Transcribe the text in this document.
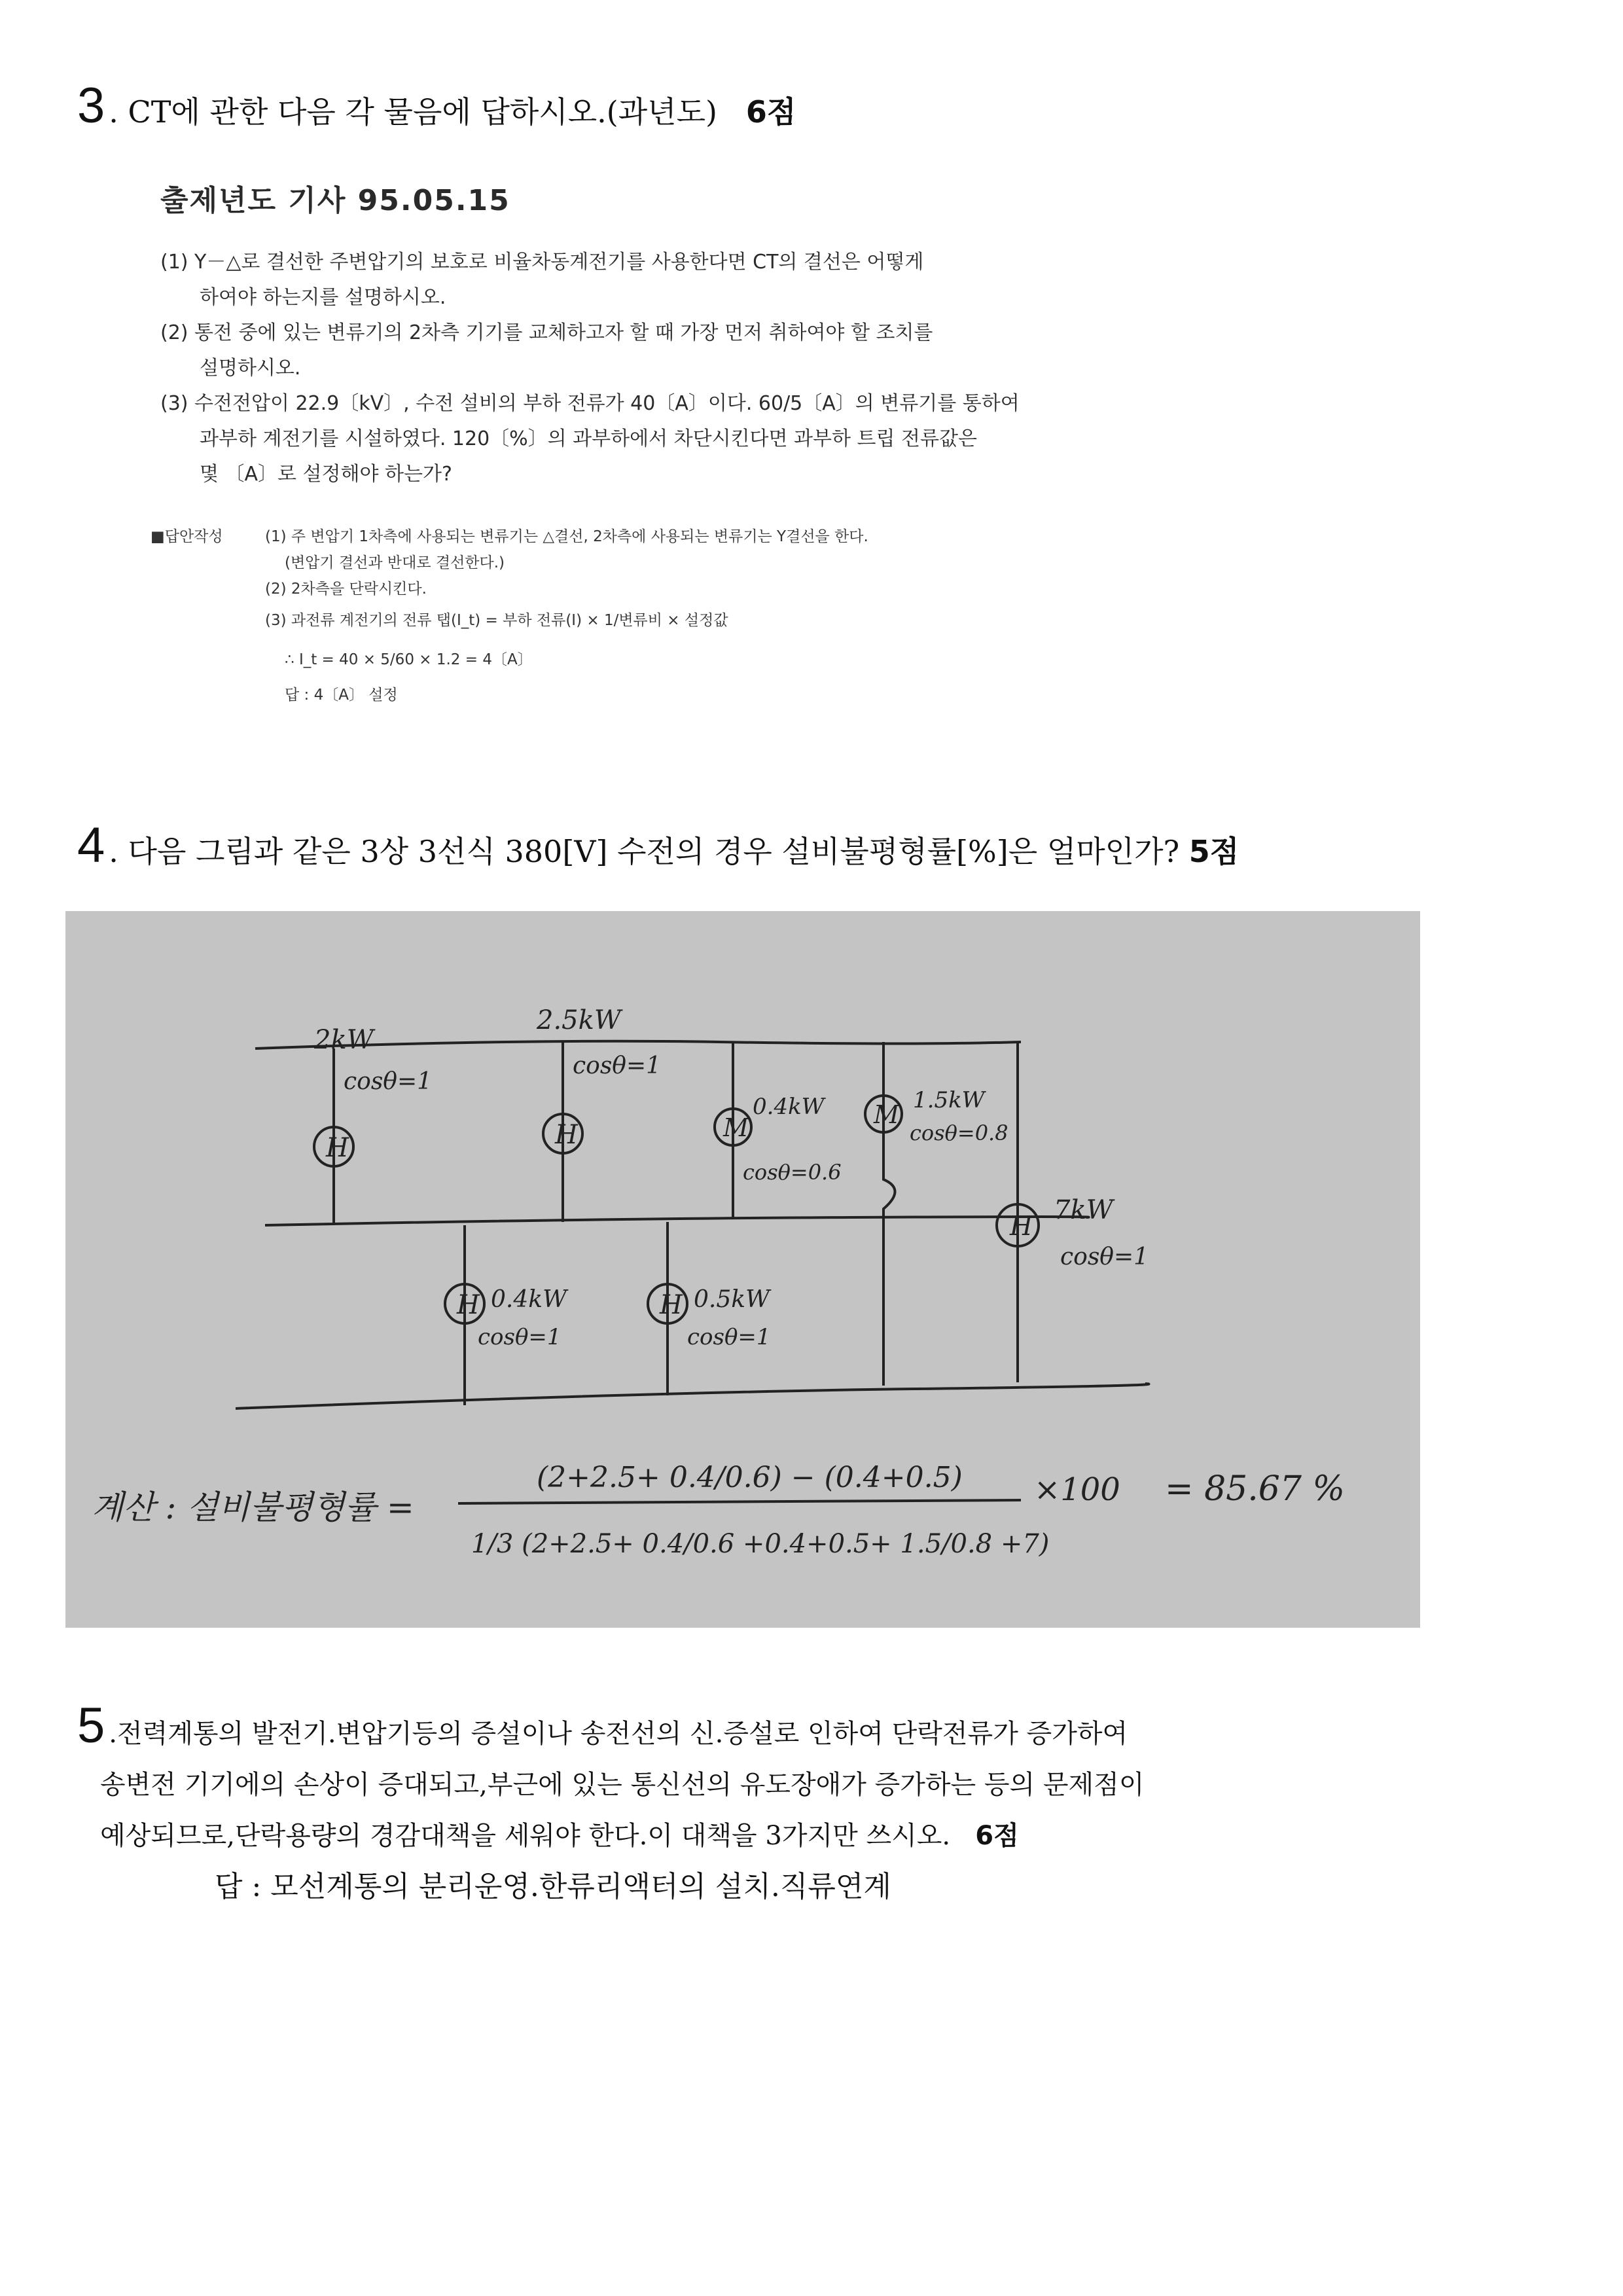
3 . CT에 관한 다음 각 물음에 답하시오.(과년도) 6점
출제년도 기사 95.05.15
(1) Y－△로 결선한 주변압기의 보호로 비율차동계전기를 사용한다면 CT의 결선은 어떻게
하여야 하는지를 설명하시오.
(2) 통전 중에 있는 변류기의 2차측 기기를 교체하고자 할 때 가장 먼저 취하여야 할 조치를
설명하시오.
(3) 수전전압이 22.9〔kV〕, 수전 설비의 부하 전류가 40〔A〕이다. 60/5〔A〕의 변류기를 통하여
과부하 계전기를 시설하였다. 120〔%〕의 과부하에서 차단시킨다면 과부하 트립 전류값은
몇 〔A〕로 설정해야 하는가?
■답안작성	(1) 주 변압기 1차측에 사용되는 변류기는 △결선, 2차측에 사용되는 변류기는 Y결선을 한다.
(변압기 결선과 반대로 결선한다.)
(2) 2차측을 단락시킨다.
(3) 과전류 계전기의 전류 탭(I_t) = 부하 전류(I) × 1/변류비 × 설정값
∴ I_t = 40 × 5/60 × 1.2 = 4〔A〕
답 : 4〔A〕 설정
4 . 다음 그림과 같은 3상 3선식 380[V] 수전의 경우 설비불평형률[%]은 얼마인가? 5점
H	H	M	M
H
H	H
2kW
cosθ=1
2.5kW
cosθ=1
0.4kW
cosθ=0.6
1.5kW
cosθ=0.8
7kW
cosθ=1
0.4kW
cosθ=1
0.5kW
cosθ=1
계산 : 설비불평형률 =
(2+2.5+ 0.4/0.6) − (0.4+0.5)
1/3 (2+2.5+ 0.4/0.6 +0.4+0.5+ 1.5/0.8 +7)
×100 = 85.67 %
5 .전력계통의 발전기.변압기등의 증설이나 송전선의 신.증설로 인하여 단락전류가 증가하여
송변전 기기에의 손상이 증대되고,부근에 있는 통신선의 유도장애가 증가하는 등의 문제점이
예상되므로,단락용량의 경감대책을 세워야 한다.이 대책을 3가지만 쓰시오. 6점
답 : 모선계통의 분리운영.한류리액터의 설치.직류연계
